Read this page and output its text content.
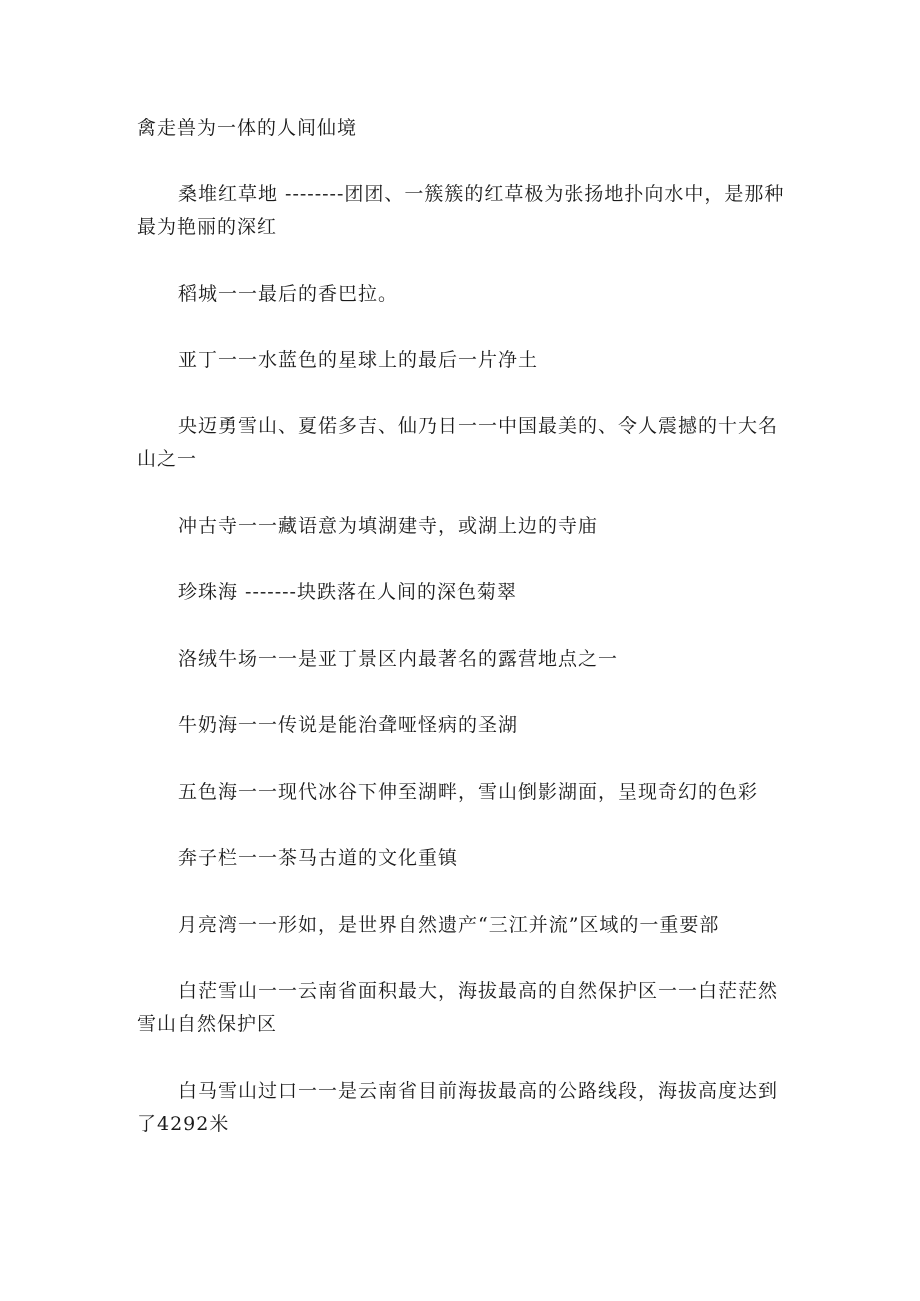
禽走兽为一体的人间仙境

桑堆红草地 --------团团、一簇簇的红草极为张扬地扑向水中，是那种最为艳丽的深红

稻城一一最后的香巴拉。

亚丁一一水蓝色的星球上的最后一片净土

央迈勇雪山、夏偌多吉、仙乃日一一中国最美的、令人震撼的十大名山之一

冲古寺一一藏语意为填湖建寺，或湖上边的寺庙

珍珠海 -------块跌落在人间的深色菊翠

洛绒牛场一一是亚丁景区内最著名的露营地点之一

牛奶海一一传说是能治聋哑怪病的圣湖

五色海一一现代冰谷下伸至湖畔，雪山倒影湖面，呈现奇幻的色彩

奔子栏一一茶马古道的文化重镇

月亮湾一一形如，是世界自然遗产“三江并流”区域的一重要部

白茫雪山一一云南省面积最大，海拔最高的自然保护区一一白茫茫然雪山自然保护区

白马雪山过口一一是云南省目前海拔最高的公路线段，海拔高度达到了4292米
